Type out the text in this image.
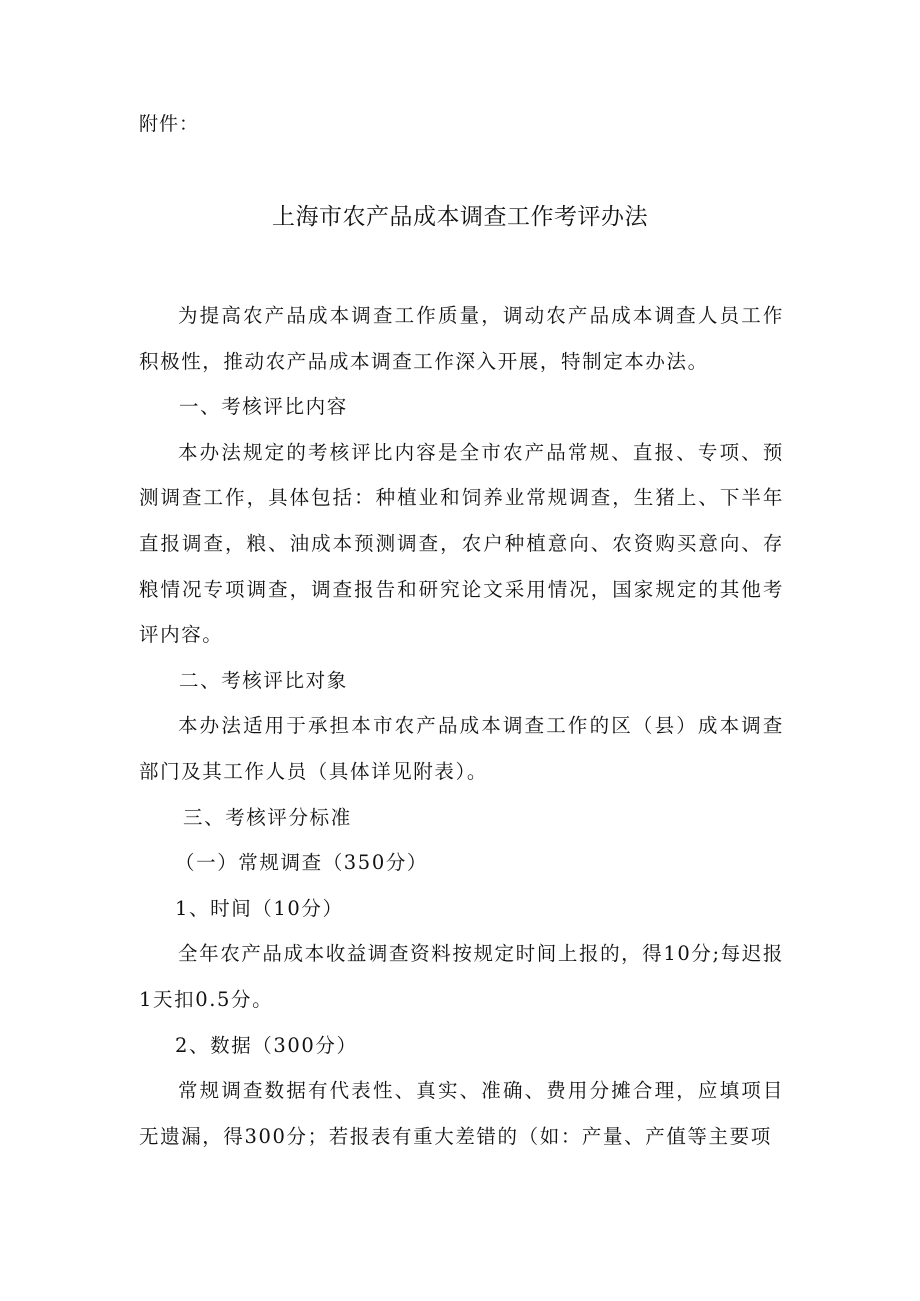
附件：
上海市农产品成本调查工作考评办法

为提高农产品成本调查工作质量，调动农产品成本调查人员工作积极性，推动农产品成本调查工作深入开展，特制定本办法。

一、考核评比内容

本办法规定的考核评比内容是全市农产品常规、直报、专项、预测调查工作，具体包括：种植业和饲养业常规调查，生猪上、下半年直报调查，粮、油成本预测调查，农户种植意向、农资购买意向、存粮情况专项调查，调查报告和研究论文采用情况，国家规定的其他考评内容。

二、考核评比对象

本办法适用于承担本市农产品成本调查工作的区（县）成本调查部门及其工作人员（具体详见附表）。

三、考核评分标准

（一）常规调查（350分）

1、时间（10分）

全年农产品成本收益调查资料按规定时间上报的，得10分;每迟报1天扣0.5分。

2、数据（300分）

常规调查数据有代表性、真实、准确、费用分摊合理，应填项目无遗漏，得300分；若报表有重大差错的（如：产量、产值等主要项
